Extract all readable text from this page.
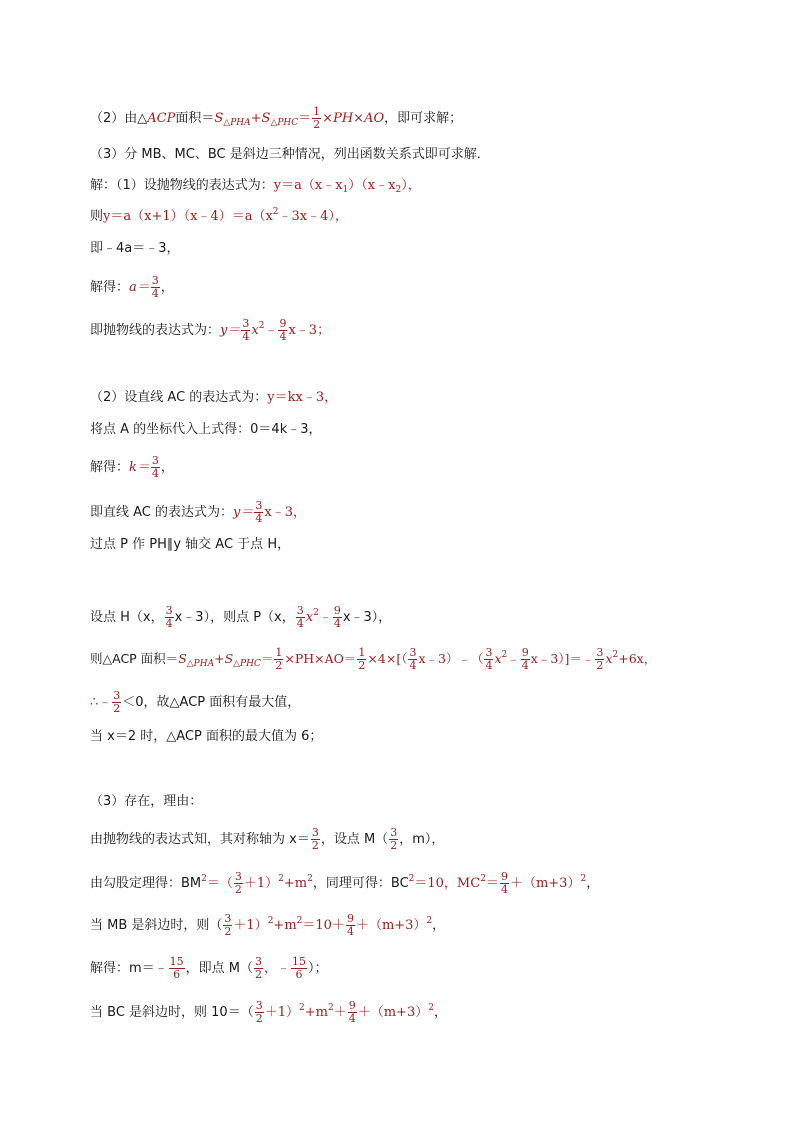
（2）由△ACP面积$=S_{\triangle PHA}+S_{\triangle PHC}= \frac{1}{2} \times PH\times AO$，即可求解；
（3）分 MB、MC、BC 是斜边三种情况，列出函数关系式即可求解．
解：（1）设抛物线的表达式为：$y=a(x﹣x_1)(x﹣x_2)$，
则$y=a(x+1)(x﹣4)=a(x^2﹣3x﹣4)$，
即﹣4a＝﹣3，
解得：$a= \frac{3}{4}$ ，
即抛物线的表达式为：$y= \frac{3}{4}$ $x^2﹣ \frac{9}{4}$ x﹣3；
（2）设直线 AC 的表达式为：y＝kx﹣3，
将点 A 的坐标代入上式得：0＝4k﹣3，
解得：$k= \frac{3}{4}$ ，
即直线 AC 的表达式为：$y= \frac{3}{4}$ x﹣3，
过点 P 作 PH∥y 轴交 AC 于点 H，
设点 H（x， $\frac{3}{4}$ x﹣3），则点 P（x， $\frac{3}{4}$ $x^2﹣ \frac{9}{4}$ x﹣3），
则△ACP 面积$=S_{\triangle PHA}+S_{\triangle PHC}= \frac{1}{2} \times PH\times AO= \frac{1}{2} \times 4\times[( \frac{3}{4}$ x﹣3）﹣（ $\frac{3}{4}$ $x^2﹣ \frac{9}{4}$ x﹣3）]＝﹣ $\frac{3}{2} x^2+6x$，
∴﹣ $\frac{3}{2} <0$，故△ACP 面积有最大值，
当 x＝2 时，△ACP 面积的最大值为 6；
（3）存在，理由：
由抛物线的表达式知，其对称轴为 $x= \frac{3}{2}$ ，设点 $M( \frac{3}{2}$ ，m），
由勾股定理得：$BM^2=( \frac{3}{2} +1)^2+m^2$，同理可得：$BC^2=10$，$MC^2= \frac{9}{4} +(m+3)^2$，
当 MB 是斜边时，则（ $\frac{3}{2} +1)^2+m^2=10+ \frac{9}{4} +(m+3)^2$，
解得：m＝﹣ $\frac{15}{6}$ ，即点 $M( \frac{3}{2}$ ，﹣ $\frac{15}{6}$ ）；
当 BC 是斜边时，则 $10=( \frac{3}{2} +1)^2+m^2+ \frac{9}{4} +(m+3)^2$，
